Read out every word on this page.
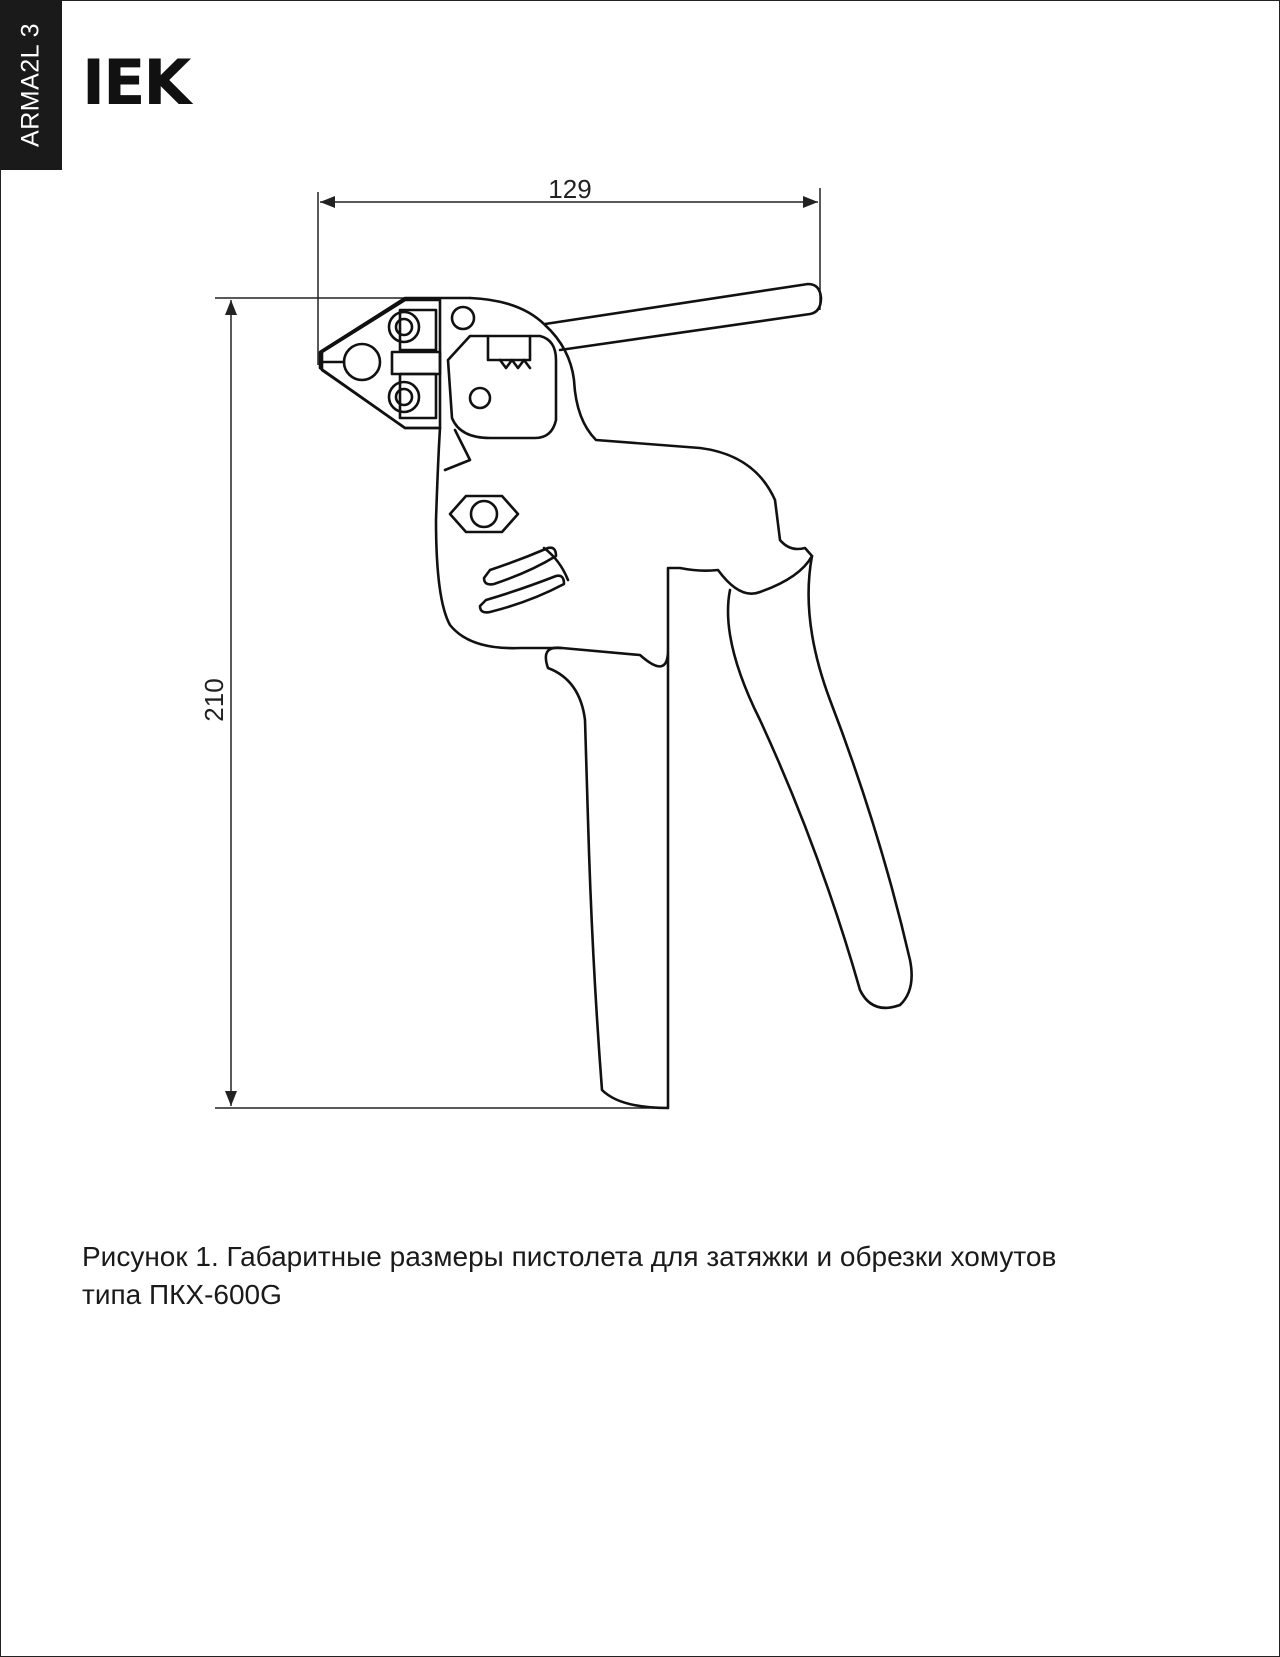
ARMA2L 3 IEK
129
210
Рисунок 1. Габаритные размеры пистолета для затяжки и обрезки хомутов
типа ПКХ-600G
